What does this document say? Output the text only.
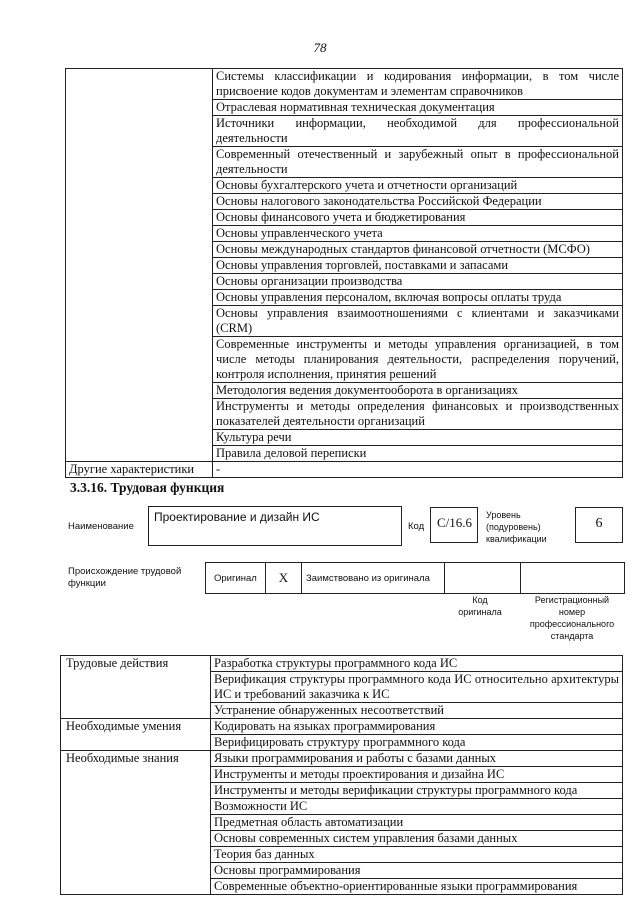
78
	Системы классификации и кодирования информации, в том числе присвоение кодов документам и элементам справочников
	Отраслевая нормативная техническая документация
	Источники информации, необходимой для профессиональной деятельности
	Современный отечественный и зарубежный опыт в профессиональной деятельности
	Основы бухгалтерского учета и отчетности организаций
	Основы налогового законодательства Российской Федерации
	Основы финансового учета и бюджетирования
	Основы управленческого учета
	Основы международных стандартов финансовой отчетности (МСФО)
	Основы управления торговлей, поставками и запасами
	Основы организации производства
	Основы управления персоналом, включая вопросы оплаты труда
	Основы управления взаимоотношениями с клиентами и заказчиками (CRM)
	Современные инструменты и методы управления организацией, в том числе методы планирования деятельности, распределения поручений, контроля исполнения, принятия решений
	Методология ведения документооборота в организациях
	Инструменты и методы определения финансовых и производственных показателей деятельности организаций
	Культура речи
	Правила деловой переписки
Другие характеристики	-
3.3.16. Трудовая функция
Наименование
Проектирование и дизайн ИС
Код C/16.6	Уровень
(подуровень)
квалификации
6
Происхождение трудовой
функции	Оригинал	X	Заимствовано из оригинала
Код
оригинала
Регистрационный
номер
профессионального
стандарта
Трудовые действия	Разработка структуры программного кода ИС
	Верификация структуры программного кода ИС относительно архитектуры ИС и требований заказчика к ИС
	Устранение обнаруженных несоответствий
Необходимые умения	Кодировать на языках программирования
	Верифицировать структуру программного кода
Необходимые знания	Языки программирования и работы с базами данных
	Инструменты и методы проектирования и дизайна ИС
	Инструменты и методы верификации структуры программного кода
	Возможности ИС
	Предметная область автоматизации
	Основы современных систем управления базами данных
	Теория баз данных
	Основы программирования
	Современные объектно-ориентированные языки программирования
